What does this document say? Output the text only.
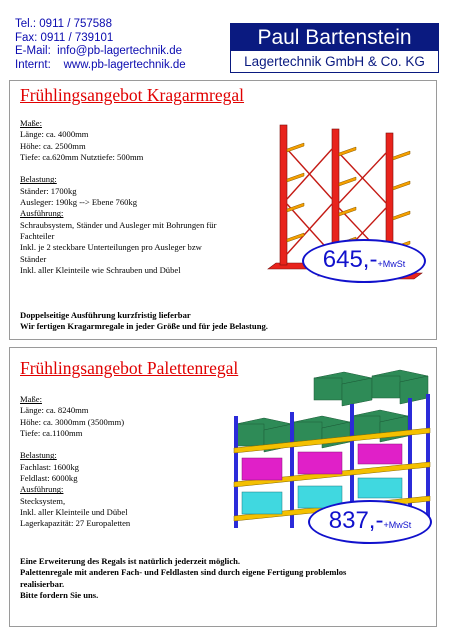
Tel.: 0911 / 757588
Fax: 0911 / 739101
E-Mail: info@pb-lagertechnik.de
Internt: www.pb-lagertechnik.de
Paul Bartenstein
Lagertechnik GmbH & Co. KG
Frühlingsangebot Kragarmregal
Maße:
Länge: ca. 4000mm
Höhe: ca. 2500mm
Tiefe: ca.620mm Nutztiefe: 500mm
Belastung:
Ständer: 1700kg
Ausleger: 190kg --> Ebene 760kg
Ausführung:
Schraubsystem, Ständer und Ausleger mit Bohrungen für
Fachteiler
Inkl. je 2 steckbare Unterteilungen pro Ausleger bzw
Ständer
Inkl. aller Kleinteile wie Schrauben und Dübel
Doppelseitige Ausführung kurzfristig lieferbar
Wir fertigen Kragarmregale in jeder Größe und für jede Belastung.
645,-+MwSt
Frühlingsangebot Palettenregal
Maße:
Länge: ca. 8240mm
Höhe: ca. 3000mm (3500mm)
Tiefe: ca.1100mm
Belastung:
Fachlast: 1600kg
Feldlast: 6000kg
Ausführung:
Stecksystem,
Inkl. aller Kleinteile und Dübel
Lagerkapazität: 27 Europaletten
Eine Erweiterung des Regals ist natürlich jederzeit möglich.
Palettenregale mit anderen Fach- und Feldlasten sind durch eigene Fertigung problemlos
realisierbar.
Bitte fordern Sie uns.
837,-+MwSt
